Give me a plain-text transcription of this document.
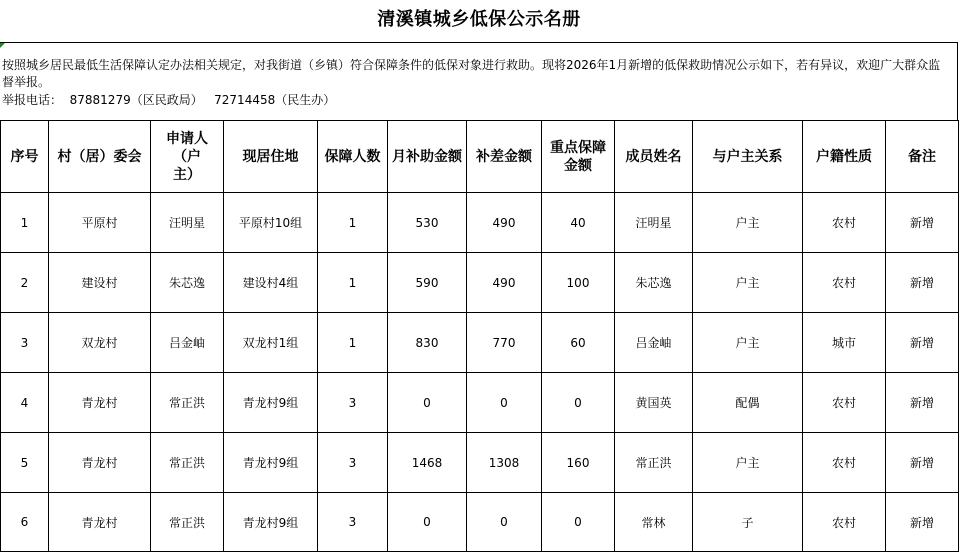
清溪镇城乡低保公示名册
按照城乡居民最低生活保障认定办法相关规定，对我街道（乡镇）符合保障条件的低保对象进行救助。现将2026年1月新增的低保救助情况公示如下，若有异议，欢迎广大群众监督举报。
举报电话：  87881279（区民政局）   72714458（民生办）
序号	村（居）委会	申请人（户主）	现居住地	保障人数	月补助金额	补差金额	重点保障金额	成员姓名	与户主关系	户籍性质	备注
1	平原村	汪明星	平原村10组	1	530	490	40	汪明星	户主	农村	新增
2	建设村	朱芯逸	建设村4组	1	590	490	100	朱芯逸	户主	农村	新增
3	双龙村	吕金岫	双龙村1组	1	830	770	60	吕金岫	户主	城市	新增
4	青龙村	常正洪	青龙村9组	3	0	0	0	黄国英	配偶	农村	新增
5	青龙村	常正洪	青龙村9组	3	1468	1308	160	常正洪	户主	农村	新增
6	青龙村	常正洪	青龙村9组	3	0	0	0	常林	子	农村	新增
